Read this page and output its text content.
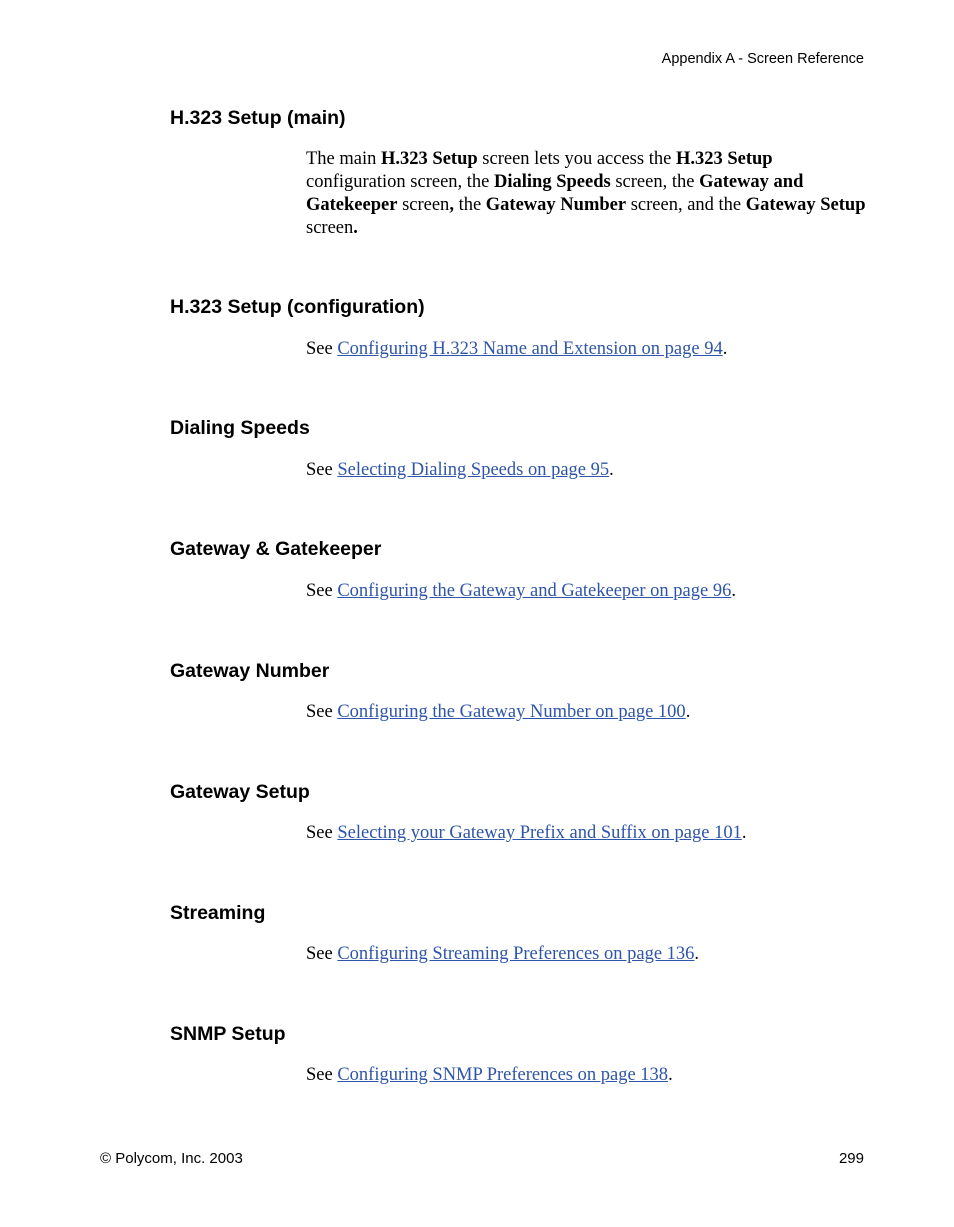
Appendix A - Screen Reference
H.323 Setup (main)

The main H.323 Setup screen lets you access the H.323 Setup configuration screen, the Dialing Speeds screen, the Gateway and Gatekeeper screen, the Gateway Number screen, and the Gateway Setup screen.

H.323 Setup (configuration)

See Configuring H.323 Name and Extension on page 94.

Dialing Speeds

See Selecting Dialing Speeds on page 95.

Gateway & Gatekeeper

See Configuring the Gateway and Gatekeeper on page 96.

Gateway Number

See Configuring the Gateway Number on page 100.

Gateway Setup

See Selecting your Gateway Prefix and Suffix on page 101.

Streaming

See Configuring Streaming Preferences on page 136.

SNMP Setup

See Configuring SNMP Preferences on page 138.

© Polycom, Inc. 2003	299
